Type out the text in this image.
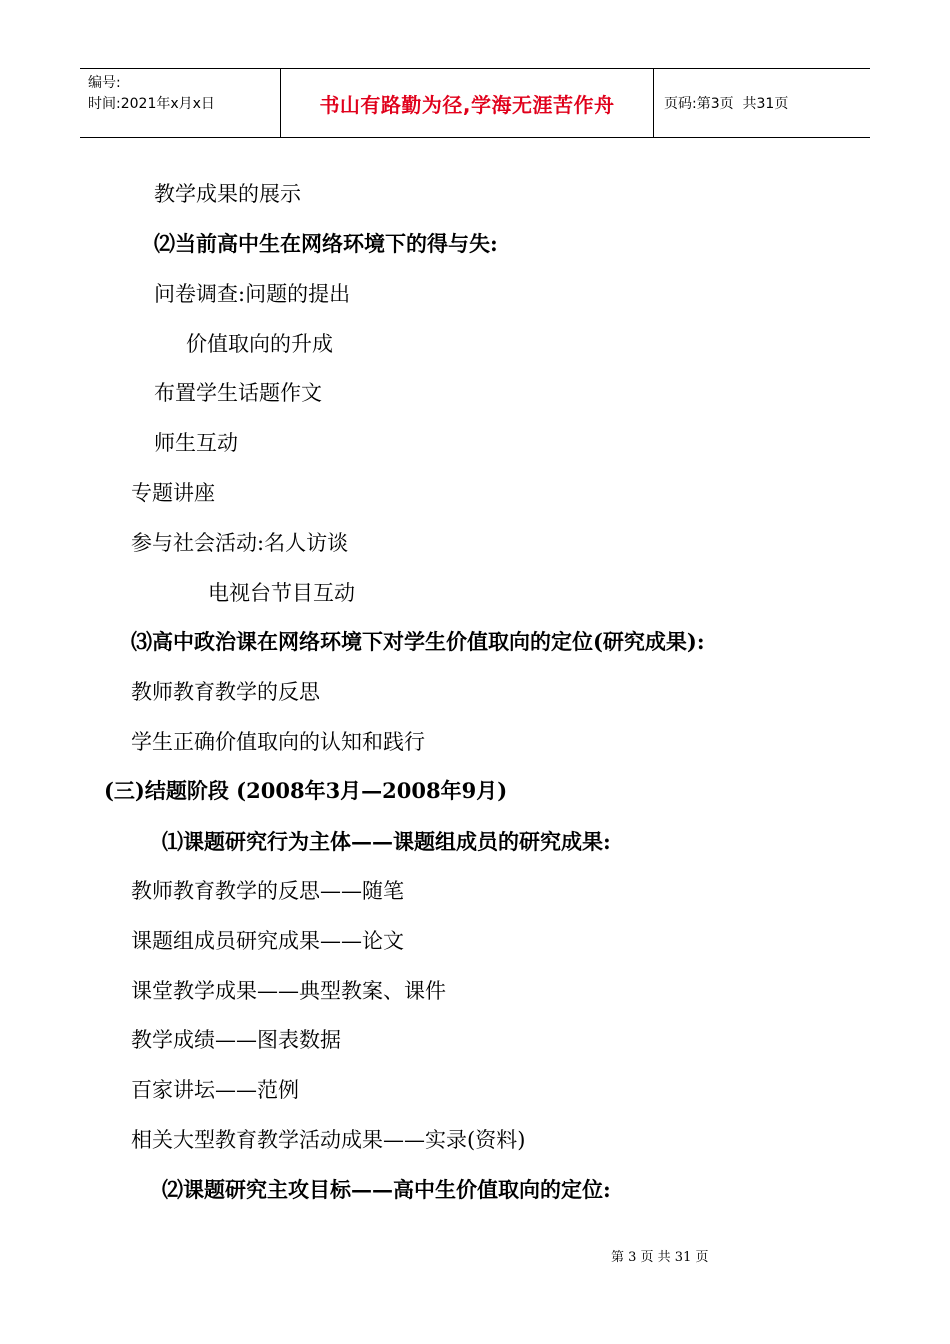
编号:
时间:2021年x月x日	书山有路勤为径,学海无涯苦作舟	页码:第3页  共31页
教学成果的展示
⑵当前高中生在网络环境下的得与失:
问卷调查:问题的提出
价值取向的升成
布置学生话题作文
师生互动
专题讲座
参与社会活动:名人访谈
电视台节目互动
⑶高中政治课在网络环境下对学生价值取向的定位(研究成果):
教师教育教学的反思
学生正确价值取向的认知和践行
(三)结题阶段 (2008年3月—2008年9月)
⑴课题研究行为主体——课题组成员的研究成果:
教师教育教学的反思——随笔
课题组成员研究成果——论文
课堂教学成果——典型教案、课件
教学成绩——图表数据
百家讲坛——范例
相关大型教育教学活动成果——实录(资料)
⑵课题研究主攻目标——高中生价值取向的定位:
第 3 页 共 31 页
